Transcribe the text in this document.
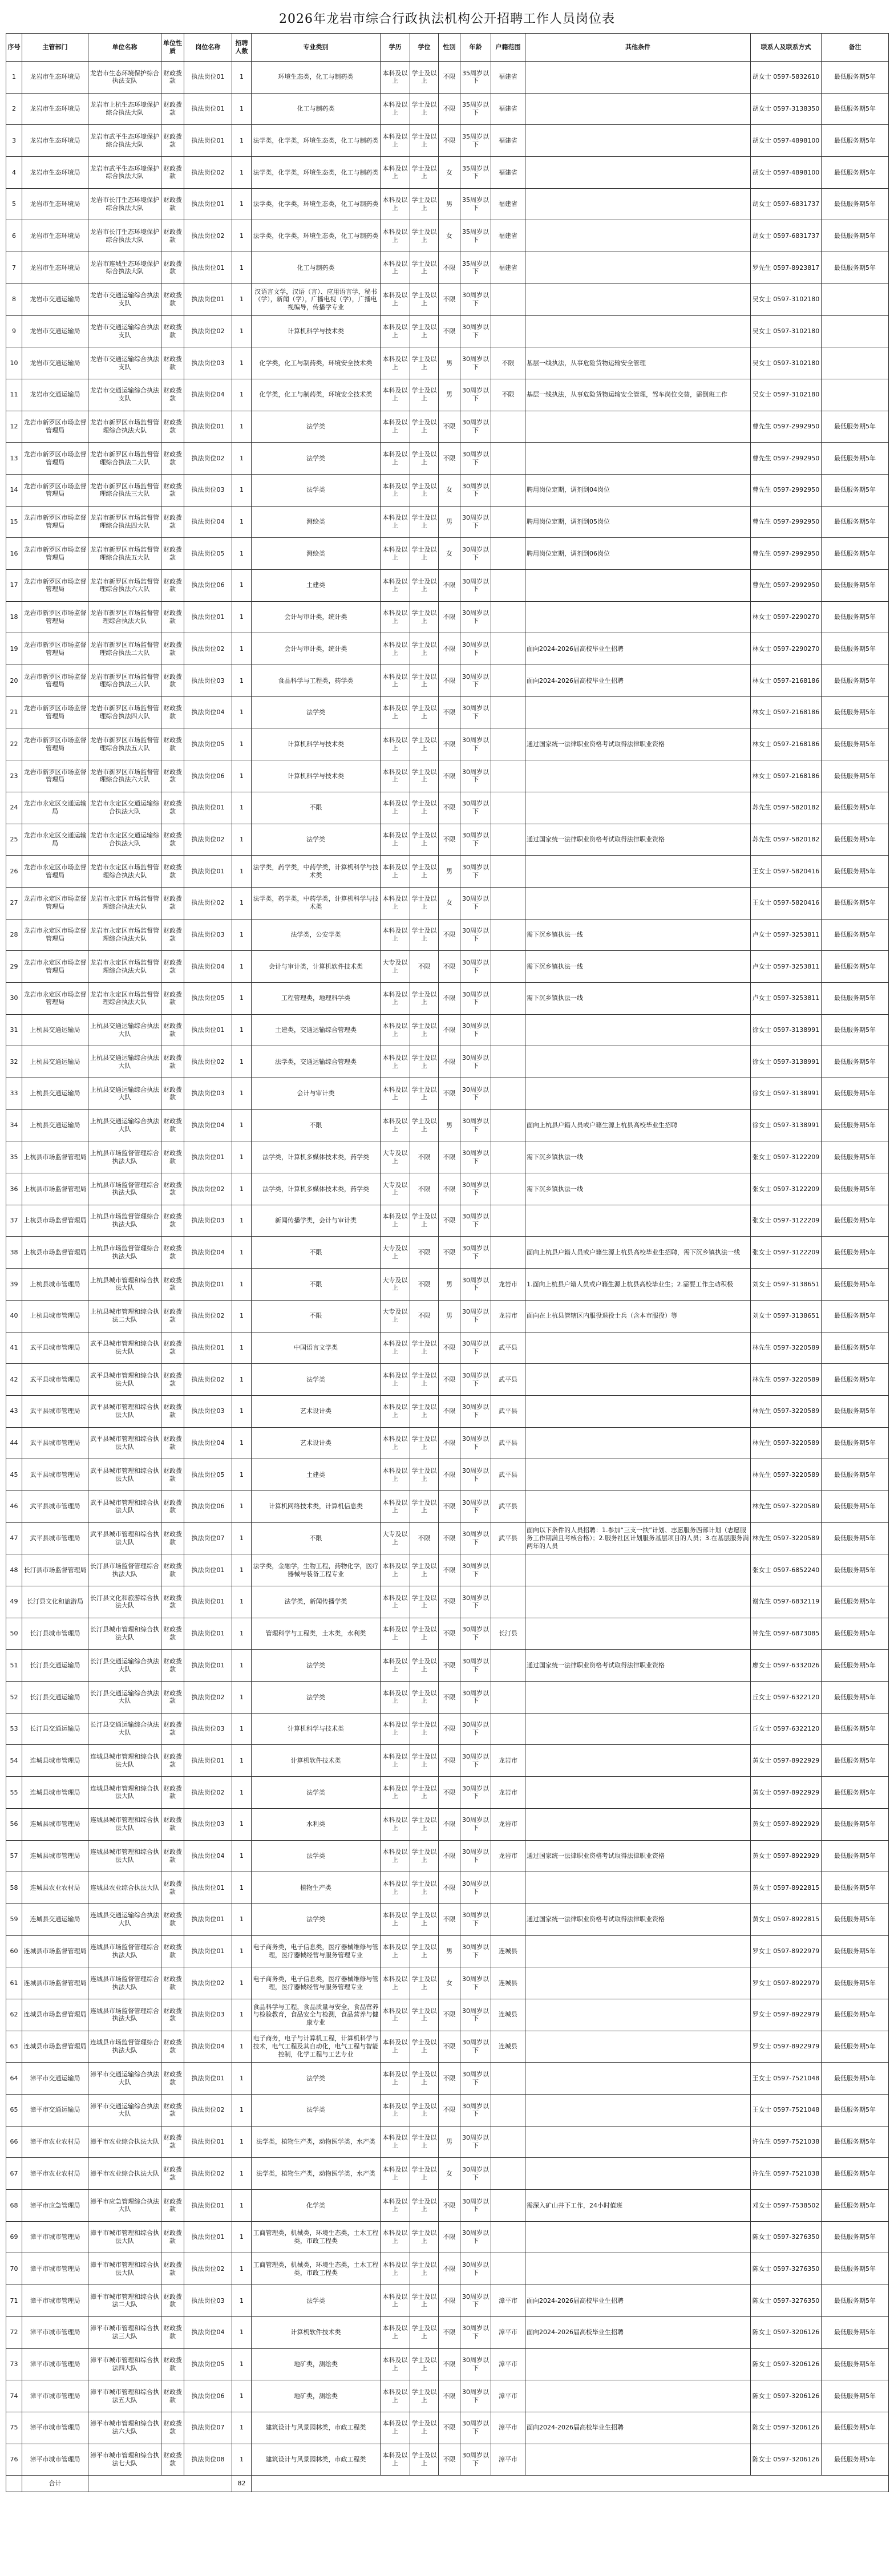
2026年龙岩市综合行政执法机构公开招聘工作人员岗位表
序号	主管部门	单位名称	单位性质	岗位名称	招聘人数	专业类别	学历	学位	性别	年龄	户籍范围	其他条件	联系人及联系方式	备注
1	龙岩市生态环境局	龙岩市生态环境保护综合执法支队	财政拨款	执法岗位01	1	环境生态类，化工与制药类	本科及以上	学士及以上	不限	35周岁以下	福建省		胡女士 0597-5832610	最低服务期5年
2	龙岩市生态环境局	龙岩市上杭生态环境保护综合执法大队	财政拨款	执法岗位01	1	化工与制药类	本科及以上	学士及以上	不限	35周岁以下	福建省		胡女士 0597-3138350	最低服务期5年
3	龙岩市生态环境局	龙岩市武平生态环境保护综合执法大队	财政拨款	执法岗位01	1	法学类，化学类，环境生态类，化工与制药类	本科及以上	学士及以上	不限	35周岁以下	福建省		胡女士 0597-4898100	最低服务期5年
4	龙岩市生态环境局	龙岩市武平生态环境保护综合执法大队	财政拨款	执法岗位02	1	法学类，化学类，环境生态类，化工与制药类	本科及以上	学士及以上	女	35周岁以下	福建省		胡女士 0597-4898100	最低服务期5年
5	龙岩市生态环境局	龙岩市长汀生态环境保护综合执法大队	财政拨款	执法岗位01	1	法学类，化学类，环境生态类，化工与制药类	本科及以上	学士及以上	男	35周岁以下	福建省		胡女士 0597-6831737	最低服务期5年
6	龙岩市生态环境局	龙岩市长汀生态环境保护综合执法大队	财政拨款	执法岗位02	1	法学类，化学类，环境生态类，化工与制药类	本科及以上	学士及以上	女	35周岁以下	福建省		胡女士 0597-6831737	最低服务期5年
7	龙岩市生态环境局	龙岩市连城生态环境保护综合执法大队	财政拨款	执法岗位01	1	化工与制药类	本科及以上	学士及以上	不限	35周岁以下	福建省		罗先生 0597-8923817	最低服务期5年
8	龙岩市交通运输局	龙岩市交通运输综合执法支队	财政拨款	执法岗位01	1	汉语言文学，汉语（言）、应用语言学，秘书（学），新闻（学），广播电视（学），广播电视编导，传播学专业	本科及以上	学士及以上	不限	30周岁以下			吴女士 0597-3102180	
9	龙岩市交通运输局	龙岩市交通运输综合执法支队	财政拨款	执法岗位02	1	计算机科学与技术类	本科及以上	学士及以上	不限	30周岁以下			吴女士 0597-3102180	
10	龙岩市交通运输局	龙岩市交通运输综合执法支队	财政拨款	执法岗位03	1	化学类，化工与制药类，环境安全技术类	本科及以上	学士及以上	男	30周岁以下	不限	基层一线执法，从事危险货物运输安全管理	吴女士 0597-3102180	
11	龙岩市交通运输局	龙岩市交通运输综合执法支队	财政拨款	执法岗位04	1	化学类，化工与制药类，环境安全技术类	本科及以上	学士及以上	男	30周岁以下	不限	基层一线执法，从事危险货物运输安全管理，驾车岗位交替，需倒班工作	吴女士 0597-3102180	
12	龙岩市新罗区市场监督管理局	龙岩市新罗区市场监督管理综合执法大队	财政拨款	执法岗位01	1	法学类	本科及以上	学士及以上	不限	30周岁以下			曹先生 0597-2992950	最低服务期5年
13	龙岩市新罗区市场监督管理局	龙岩市新罗区市场监督管理综合执法二大队	财政拨款	执法岗位02	1	法学类	本科及以上	学士及以上	不限	30周岁以下			曹先生 0597-2992950	最低服务期5年
14	龙岩市新罗区市场监督管理局	龙岩市新罗区市场监督管理综合执法三大队	财政拨款	执法岗位03	1	法学类	本科及以上	学士及以上	女	30周岁以下		聘用岗位定期，调剂到04岗位	曹先生 0597-2992950	最低服务期5年
15	龙岩市新罗区市场监督管理局	龙岩市新罗区市场监督管理综合执法四大队	财政拨款	执法岗位04	1	测绘类	本科及以上	学士及以上	男	30周岁以下		聘用岗位定期，调剂到05岗位	曹先生 0597-2992950	最低服务期5年
16	龙岩市新罗区市场监督管理局	龙岩市新罗区市场监督管理综合执法五大队	财政拨款	执法岗位05	1	测绘类	本科及以上	学士及以上	女	30周岁以下		聘用岗位定期，调剂到06岗位	曹先生 0597-2992950	最低服务期5年
17	龙岩市新罗区市场监督管理局	龙岩市新罗区市场监督管理综合执法六大队	财政拨款	执法岗位06	1	土建类	本科及以上	学士及以上	不限	30周岁以下			曹先生 0597-2992950	最低服务期5年
18	龙岩市新罗区市场监督管理局	龙岩市新罗区市场监督管理综合执法大队	财政拨款	执法岗位01	1	会计与审计类，统计类	本科及以上	学士及以上	不限	30周岁以下			林女士 0597-2290270	最低服务期5年
19	龙岩市新罗区市场监督管理局	龙岩市新罗区市场监督管理综合执法二大队	财政拨款	执法岗位02	1	会计与审计类，统计类	本科及以上	学士及以上	不限	30周岁以下		面向2024-2026届高校毕业生招聘	林女士 0597-2290270	最低服务期5年
20	龙岩市新罗区市场监督管理局	龙岩市新罗区市场监督管理综合执法三大队	财政拨款	执法岗位03	1	食品科学与工程类，药学类	本科及以上	学士及以上	不限	30周岁以下		面向2024-2026届高校毕业生招聘	林女士 0597-2168186	最低服务期5年
21	龙岩市新罗区市场监督管理局	龙岩市新罗区市场监督管理综合执法四大队	财政拨款	执法岗位04	1	法学类	本科及以上	学士及以上	不限	30周岁以下			林女士 0597-2168186	最低服务期5年
22	龙岩市新罗区市场监督管理局	龙岩市新罗区市场监督管理综合执法五大队	财政拨款	执法岗位05	1	计算机科学与技术类	本科及以上	学士及以上	不限	30周岁以下		通过国家统一法律职业资格考试取得法律职业资格	林女士 0597-2168186	最低服务期5年
23	龙岩市新罗区市场监督管理局	龙岩市新罗区市场监督管理综合执法六大队	财政拨款	执法岗位06	1	计算机科学与技术类	本科及以上	学士及以上	不限	30周岁以下			林女士 0597-2168186	最低服务期5年
24	龙岩市永定区交通运输局	龙岩市永定区交通运输综合执法大队	财政拨款	执法岗位01	1	不限	本科及以上	学士及以上	不限	30周岁以下			苏先生 0597-5820182	最低服务期5年
25	龙岩市永定区交通运输局	龙岩市永定区交通运输综合执法大队	财政拨款	执法岗位02	1	法学类	本科及以上	学士及以上	不限	30周岁以下		通过国家统一法律职业资格考试取得法律职业资格	苏先生 0597-5820182	最低服务期5年
26	龙岩市永定区市场监督管理局	龙岩市永定区市场监督管理综合执法大队	财政拨款	执法岗位01	1	法学类，药学类，中药学类，计算机科学与技术类	本科及以上	学士及以上	男	30周岁以下			王女士 0597-5820416	最低服务期5年
27	龙岩市永定区市场监督管理局	龙岩市永定区市场监督管理综合执法大队	财政拨款	执法岗位02	1	法学类，药学类，中药学类，计算机科学与技术类	本科及以上	学士及以上	女	30周岁以下			王女士 0597-5820416	最低服务期5年
28	龙岩市永定区市场监督管理局	龙岩市永定区市场监督管理综合执法大队	财政拨款	执法岗位03	1	法学类，公安学类	本科及以上	学士及以上	不限	30周岁以下		需下沉乡镇执法一线	卢女士 0597-3253811	最低服务期5年
29	龙岩市永定区市场监督管理局	龙岩市永定区市场监督管理综合执法大队	财政拨款	执法岗位04	1	会计与审计类，计算机软件技术类	大专及以上	不限	不限	30周岁以下		需下沉乡镇执法一线	卢女士 0597-3253811	最低服务期5年
30	龙岩市永定区市场监督管理局	龙岩市永定区市场监督管理综合执法大队	财政拨款	执法岗位05	1	工程管理类，地理科学类	本科及以上	学士及以上	不限	30周岁以下		需下沉乡镇执法一线	卢女士 0597-3253811	最低服务期5年
31	上杭县交通运输局	上杭县交通运输综合执法大队	财政拨款	执法岗位01	1	土建类，交通运输综合管理类	本科及以上	学士及以上	不限	30周岁以下			徐女士 0597-3138991	最低服务期5年
32	上杭县交通运输局	上杭县交通运输综合执法大队	财政拨款	执法岗位02	1	法学类，交通运输综合管理类	本科及以上	学士及以上	不限	30周岁以下			徐女士 0597-3138991	最低服务期5年
33	上杭县交通运输局	上杭县交通运输综合执法大队	财政拨款	执法岗位03	1	会计与审计类	本科及以上	学士及以上	不限	30周岁以下			徐女士 0597-3138991	最低服务期5年
34	上杭县交通运输局	上杭县交通运输综合执法大队	财政拨款	执法岗位04	1	不限	本科及以上	学士及以上	男	30周岁以下		面向上杭县户籍人员或户籍生源上杭县高校毕业生招聘	徐女士 0597-3138991	最低服务期5年
35	上杭县市场监督管理局	上杭县市场监督管理综合执法大队	财政拨款	执法岗位01	1	法学类，计算机多媒体技术类，药学类	大专及以上	不限	不限	30周岁以下		需下沉乡镇执法一线	张女士 0597-3122209	最低服务期5年
36	上杭县市场监督管理局	上杭县市场监督管理综合执法大队	财政拨款	执法岗位02	1	法学类，计算机多媒体技术类，药学类	大专及以上	不限	不限	30周岁以下		需下沉乡镇执法一线	张女士 0597-3122209	最低服务期5年
37	上杭县市场监督管理局	上杭县市场监督管理综合执法大队	财政拨款	执法岗位03	1	新闻传播学类，会计与审计类	本科及以上	学士及以上	不限	30周岁以下			张女士 0597-3122209	最低服务期5年
38	上杭县市场监督管理局	上杭县市场监督管理综合执法大队	财政拨款	执法岗位04	1	不限	大专及以上	不限	不限	30周岁以下		面向上杭县户籍人员或户籍生源上杭县高校毕业生招聘，需下沉乡镇执法一线	张女士 0597-3122209	最低服务期5年
39	上杭县城市管理局	上杭县城市管理和综合执法大队	财政拨款	执法岗位01	1	不限	大专及以上	不限	男	30周岁以下	龙岩市	1.面向上杭县户籍人员或户籍生源上杭县高校毕业生；2.需要工作主动积极	刘女士 0597-3138651	最低服务期5年
40	上杭县城市管理局	上杭县城市管理和综合执法二大队	财政拨款	执法岗位02	1	不限	大专及以上	不限	男	30周岁以下	龙岩市	面向在上杭县管辖区内服役退役士兵（含本市服役）等	刘女士 0597-3138651	最低服务期5年
41	武平县城市管理局	武平县城市管理和综合执法大队	财政拨款	执法岗位01	1	中国语言文学类	本科及以上	学士及以上	不限	30周岁以下	武平县		林先生 0597-3220589	最低服务期5年
42	武平县城市管理局	武平县城市管理和综合执法大队	财政拨款	执法岗位02	1	法学类	本科及以上	学士及以上	不限	30周岁以下	武平县		林先生 0597-3220589	最低服务期5年
43	武平县城市管理局	武平县城市管理和综合执法大队	财政拨款	执法岗位03	1	艺术设计类	本科及以上	学士及以上	不限	30周岁以下	武平县		林先生 0597-3220589	最低服务期5年
44	武平县城市管理局	武平县城市管理和综合执法大队	财政拨款	执法岗位04	1	艺术设计类	本科及以上	学士及以上	不限	30周岁以下	武平县		林先生 0597-3220589	最低服务期5年
45	武平县城市管理局	武平县城市管理和综合执法大队	财政拨款	执法岗位05	1	土建类	本科及以上	学士及以上	不限	30周岁以下	武平县		林先生 0597-3220589	最低服务期5年
46	武平县城市管理局	武平县城市管理和综合执法大队	财政拨款	执法岗位06	1	计算机网络技术类，计算机信息类	本科及以上	学士及以上	不限	30周岁以下	武平县		林先生 0597-3220589	最低服务期5年
47	武平县城市管理局	武平县城市管理和综合执法大队	财政拨款	执法岗位07	1	不限	大专及以上	不限	不限	30周岁以下	武平县	面向以下条件的人员招聘：1.参加“三支一扶”计划、志愿服务西部计划（志愿服务工作期满且考核合格）；2.服务社区计划服务基层项目的人员；3.在基层服务满两年的人员	林先生 0597-3220589	最低服务期5年
48	长汀县市场监督管理局	长汀县市场监督管理综合执法大队	财政拨款	执法岗位01	1	法学类，金融学，生物工程，药物化学，医疗器械与装备工程专业	本科及以上	学士及以上	不限	30周岁以下			张女士 0597-6852240	最低服务期5年
49	长汀县文化和旅游局	长汀县文化和旅游综合执法大队	财政拨款	执法岗位01	1	法学类，新闻传播学类	本科及以上	学士及以上	不限	30周岁以下			谢先生 0597-6832119	最低服务期5年
50	长汀县城市管理局	长汀县城市管理和综合执法大队	财政拨款	执法岗位01	1	管理科学与工程类，土木类，水利类	本科及以上	学士及以上	不限	30周岁以下	长汀县		钟先生 0597-6873085	最低服务期5年
51	长汀县交通运输局	长汀县交通运输综合执法大队	财政拨款	执法岗位01	1	法学类	本科及以上	学士及以上	不限	30周岁以下		通过国家统一法律职业资格考试取得法律职业资格	廖女士 0597-6332026	最低服务期5年
52	长汀县交通运输局	长汀县交通运输综合执法大队	财政拨款	执法岗位02	1	法学类	本科及以上	学士及以上	不限	30周岁以下			丘女士 0597-6322120	最低服务期5年
53	长汀县交通运输局	长汀县交通运输综合执法大队	财政拨款	执法岗位03	1	计算机科学与技术类	本科及以上	学士及以上	不限	30周岁以下			丘女士 0597-6322120	最低服务期5年
54	连城县城市管理局	连城县城市管理和综合执法大队	财政拨款	执法岗位01	1	计算机软件技术类	本科及以上	学士及以上	不限	30周岁以下	龙岩市		黄女士 0597-8922929	最低服务期5年
55	连城县城市管理局	连城县城市管理和综合执法大队	财政拨款	执法岗位02	1	法学类	本科及以上	学士及以上	不限	30周岁以下	龙岩市		黄女士 0597-8922929	最低服务期5年
56	连城县城市管理局	连城县城市管理和综合执法大队	财政拨款	执法岗位03	1	水利类	本科及以上	学士及以上	不限	30周岁以下	龙岩市		黄女士 0597-8922929	最低服务期5年
57	连城县城市管理局	连城县城市管理和综合执法大队	财政拨款	执法岗位04	1	法学类	本科及以上	学士及以上	不限	30周岁以下	龙岩市	通过国家统一法律职业资格考试取得法律职业资格	黄女士 0597-8922929	最低服务期5年
58	连城县农业农村局	连城县农业综合执法大队	财政拨款	执法岗位01	1	植物生产类	本科及以上	学士及以上	不限	30周岁以下			黄女士 0597-8922815	最低服务期5年
59	连城县交通运输局	连城县交通运输综合执法大队	财政拨款	执法岗位01	1	法学类	本科及以上	学士及以上	不限	30周岁以下		通过国家统一法律职业资格考试取得法律职业资格	黄女士 0597-8922815	最低服务期5年
60	连城县市场监督管理局	连城县市场监督管理综合执法大队	财政拨款	执法岗位01	1	电子商务类，电子信息类，医疗器械维修与管理，医疗器械经营与服务管理专业	本科及以上	学士及以上	男	30周岁以下	连城县		罗女士 0597-8922979	最低服务期5年
61	连城县市场监督管理局	连城县市场监督管理综合执法大队	财政拨款	执法岗位02	1	电子商务类，电子信息类，医疗器械维修与管理，医疗器械经营与服务管理专业	本科及以上	学士及以上	女	30周岁以下	连城县		罗女士 0597-8922979	最低服务期5年
62	连城县市场监督管理局	连城县市场监督管理综合执法大队	财政拨款	执法岗位03	1	食品科学与工程，食品质量与安全，食品营养与检验教育，食品安全与检测，食品营养与健康专业	本科及以上	学士及以上	不限	30周岁以下	连城县		罗女士 0597-8922979	最低服务期5年
63	连城县市场监督管理局	连城县市场监督管理综合执法大队	财政拨款	执法岗位04	1	电子商务，电子与计算机工程，计算机科学与技术，电气工程及其自动化，电气工程与智能控制，化学工程与工艺专业	本科及以上	学士及以上	不限	30周岁以下	连城县		罗女士 0597-8922979	最低服务期5年
64	漳平市交通运输局	漳平市交通运输综合执法大队	财政拨款	执法岗位01	1	法学类	本科及以上	学士及以上	不限	30周岁以下			王女士 0597-7521048	最低服务期5年
65	漳平市交通运输局	漳平市交通运输综合执法大队	财政拨款	执法岗位02	1	法学类	本科及以上	学士及以上	不限	30周岁以下			王女士 0597-7521048	最低服务期5年
66	漳平市农业农村局	漳平市农业综合执法大队	财政拨款	执法岗位01	1	法学类，植物生产类，动物医学类，水产类	本科及以上	学士及以上	男	30周岁以下			许先生 0597-7521038	最低服务期5年
67	漳平市农业农村局	漳平市农业综合执法大队	财政拨款	执法岗位02	1	法学类，植物生产类，动物医学类，水产类	本科及以上	学士及以上	女	30周岁以下			许先生 0597-7521038	最低服务期5年
68	漳平市应急管理局	漳平市应急管理综合执法大队	财政拨款	执法岗位01	1	化学类	本科及以上	学士及以上	不限	30周岁以下		需深入矿山井下工作，24小时值班	邓女士 0597-7538502	最低服务期5年
69	漳平市城市管理局	漳平市城市管理和综合执法大队	财政拨款	执法岗位01	1	工商管理类，机械类，环境生态类，土木工程类，市政工程类	本科及以上	学士及以上	不限	30周岁以下			陈女士 0597-3276350	最低服务期5年
70	漳平市城市管理局	漳平市城市管理和综合执法大队	财政拨款	执法岗位02	1	工商管理类，机械类，环境生态类，土木工程类，市政工程类	本科及以上	学士及以上	不限	30周岁以下			陈女士 0597-3276350	最低服务期5年
71	漳平市城市管理局	漳平市城市管理和综合执法二大队	财政拨款	执法岗位03	1	法学类	本科及以上	学士及以上	不限	30周岁以下	漳平市	面向2024-2026届高校毕业生招聘	陈女士 0597-3276350	最低服务期5年
72	漳平市城市管理局	漳平市城市管理和综合执法三大队	财政拨款	执法岗位04	1	计算机软件技术类	本科及以上	学士及以上	不限	30周岁以下	漳平市	面向2024-2026届高校毕业生招聘	陈女士 0597-3206126	最低服务期5年
73	漳平市城市管理局	漳平市城市管理和综合执法四大队	财政拨款	执法岗位05	1	地矿类，测绘类	本科及以上	学士及以上	不限	30周岁以下	漳平市		陈女士 0597-3206126	最低服务期5年
74	漳平市城市管理局	漳平市城市管理和综合执法五大队	财政拨款	执法岗位06	1	地矿类，测绘类	本科及以上	学士及以上	不限	30周岁以下	漳平市		陈女士 0597-3206126	最低服务期5年
75	漳平市城市管理局	漳平市城市管理和综合执法六大队	财政拨款	执法岗位07	1	建筑设计与风景园林类，市政工程类	本科及以上	学士及以上	不限	30周岁以下	漳平市	面向2024-2026届高校毕业生招聘	陈女士 0597-3206126	最低服务期5年
76	漳平市城市管理局	漳平市城市管理和综合执法七大队	财政拨款	执法岗位08	1	建筑设计与风景园林类，市政工程类	本科及以上	学士及以上	不限	30周岁以下	漳平市		陈女士 0597-3206126	最低服务期5年
	合计				82									
